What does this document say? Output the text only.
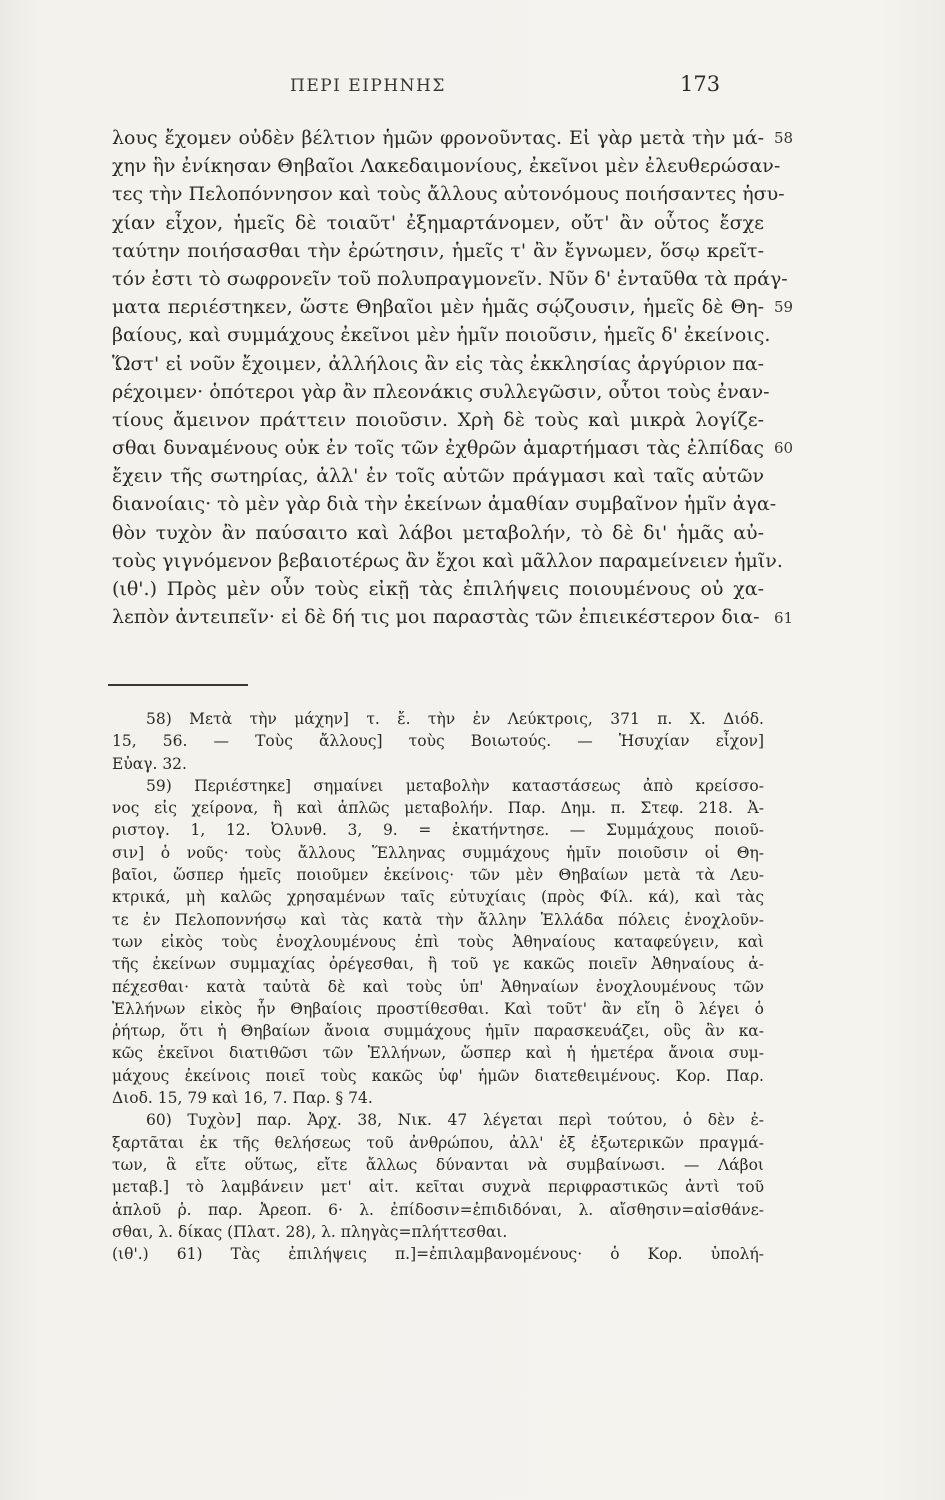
ΠΕΡΙ ΕΙΡΗΝΗΣ	173
λους ἔχομεν οὐδὲν βέλτιον ἡμῶν φρονοῦντας. Εἰ γὰρ μετὰ τὴν μά-
χην ἣν ἐνίκησαν Θηβαῖοι Λακεδαιμονίους, ἐκεῖνοι μὲν ἐλευθερώσαν-
τες τὴν Πελοπόννησον καὶ τοὺς ἄλλους αὐτονόμους ποιήσαντες ἡσυ-
χίαν εἶχον, ἡμεῖς δὲ τοιαῦτ' ἐξημαρτάνομεν, οὔτ' ἂν οὗτος ἔσχε
ταύτην ποιήσασθαι τὴν ἐρώτησιν, ἡμεῖς τ' ἂν ἔγνωμεν, ὅσῳ κρεῖτ-
τόν ἐστι τὸ σωφρονεῖν τοῦ πολυπραγμονεῖν. Νῦν δ' ἐνταῦθα τὰ πράγ-
ματα περιέστηκεν, ὥστε Θηβαῖοι μὲν ἡμᾶς σῴζουσιν, ἡμεῖς δὲ Θη-
βαίους, καὶ συμμάχους ἐκεῖνοι μὲν ἡμῖν ποιοῦσιν, ἡμεῖς δ' ἐκείνοις.
Ὥστ' εἰ νοῦν ἔχοιμεν, ἀλλήλοις ἂν εἰς τὰς ἐκκλησίας ἀργύριον πα-
ρέχοιμεν· ὁπότεροι γὰρ ἂν πλεονάκις συλλεγῶσιν, οὗτοι τοὺς ἐναν-
τίους ἄμεινον πράττειν ποιοῦσιν. Χρὴ δὲ τοὺς καὶ μικρὰ λογίζε-
σθαι δυναμένους οὐκ ἐν τοῖς τῶν ἐχθρῶν ἁμαρτήμασι τὰς ἐλπίδας
ἔχειν τῆς σωτηρίας, ἀλλ' ἐν τοῖς αὑτῶν πράγμασι καὶ ταῖς αὑτῶν
διανοίαις· τὸ μὲν γὰρ διὰ τὴν ἐκείνων ἀμαθίαν συμβαῖνον ἡμῖν ἀγα-
θὸν τυχὸν ἂν παύσαιτο καὶ λάβοι μεταβολήν, τὸ δὲ δι' ἡμᾶς αὐ-
τοὺς γιγνόμενον βεβαιοτέρως ἂν ἔχοι καὶ μᾶλλον παραμείνειεν ἡμῖν.
(ιθ'.) Πρὸς μὲν οὖν τοὺς εἰκῇ τὰς ἐπιλήψεις ποιουμένους οὐ χα-
λεπὸν ἀντειπεῖν· εἰ δὲ δή τις μοι παραστὰς τῶν ἐπιεικέστερον δια-
58
59
60
61
58) Μετὰ τὴν μάχην] τ. ἔ. τὴν ἐν Λεύκτροις, 371 π. Χ. Διόδ.
15, 56. — Τοὺς ἄλλους] τοὺς Βοιωτούς. — Ἡσυχίαν εἶχον]
Εὐαγ. 32.
59) Περιέστηκε] σημαίνει μεταβολὴν καταστάσεως ἀπὸ κρείσσο-
νος εἰς χείρονα, ἢ καὶ ἁπλῶς μεταβολήν. Παρ. Δημ. π. Στεφ. 218. Ἀ-
ριστογ. 1, 12. Ὀλυνθ. 3, 9. = ἐκατήντησε. — Συμμάχους ποιοῦ-
σιν] ὁ νοῦς· τοὺς ἄλλους Ἕλληνας συμμάχους ἡμῖν ποιοῦσιν οἱ Θη-
βαῖοι, ὥσπερ ἡμεῖς ποιοῦμεν ἐκείνοις· τῶν μὲν Θηβαίων μετὰ τὰ Λευ-
κτρικά, μὴ καλῶς χρησαμένων ταῖς εὐτυχίαις (πρὸς Φίλ. κά), καὶ τὰς
τε ἐν Πελοποννήσῳ καὶ τὰς κατὰ τὴν ἄλλην Ἑλλάδα πόλεις ἐνοχλοῦν-
των εἰκὸς τοὺς ἐνοχλουμένους ἐπὶ τοὺς Ἀθηναίους καταφεύγειν, καὶ
τῆς ἐκείνων συμμαχίας ὀρέγεσθαι, ἢ τοῦ γε κακῶς ποιεῖν Ἀθηναίους ἀ-
πέχεσθαι· κατὰ ταὐτὰ δὲ καὶ τοὺς ὑπ' Ἀθηναίων ἐνοχλουμένους τῶν
Ἑλλήνων εἰκὸς ἦν Θηβαίοις προστίθεσθαι. Καὶ τοῦτ' ἂν εἴη ὃ λέγει ὁ
ῥήτωρ, ὅτι ἡ Θηβαίων ἄνοια συμμάχους ἡμῖν παρασκευάζει, οὓς ἂν κα-
κῶς ἐκεῖνοι διατιθῶσι τῶν Ἑλλήνων, ὥσπερ καὶ ἡ ἡμετέρα ἄνοια συμ-
μάχους ἐκείνοις ποιεῖ τοὺς κακῶς ὑφ' ἡμῶν διατεθειμένους. Κορ. Παρ.
Διοδ. 15, 79 καὶ 16, 7. Παρ. § 74.
60) Τυχὸν] παρ. Ἀρχ. 38, Νικ. 47 λέγεται περὶ τούτου, ὁ δὲν ἐ-
ξαρτᾶται ἐκ τῆς θελήσεως τοῦ ἀνθρώπου, ἀλλ' ἐξ ἐξωτερικῶν πραγμά-
των, ἃ εἴτε οὕτως, εἴτε ἄλλως δύνανται νὰ συμβαίνωσι. — Λάβοι
μεταβ.] τὸ λαμβάνειν μετ' αἰτ. κεῖται συχνὰ περιφραστικῶς ἀντὶ τοῦ
ἁπλοῦ ῥ. παρ. Ἀρεοπ. 6· λ. ἐπίδοσιν=ἐπιδιδόναι, λ. αἴσθησιν=αἰσθάνε-
σθαι, λ. δίκας (Πλατ. 28), λ. πληγὰς=πλήττεσθαι.
(ιθ'.) 61) Τὰς ἐπιλήψεις π.]=ἐπιλαμβανομένους· ὁ Κορ. ὑπολή-
